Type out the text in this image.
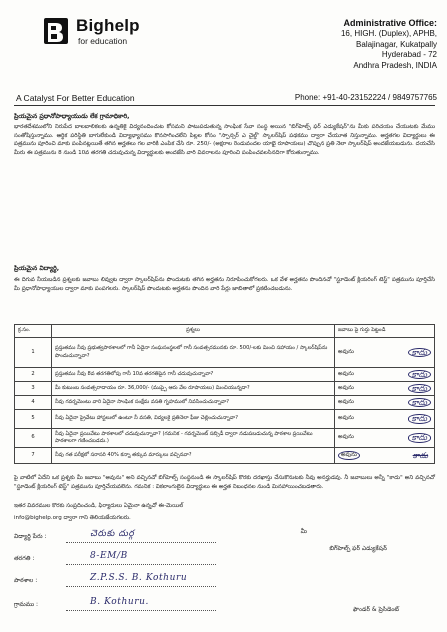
Bighelp
for education
A Catalyst For Better Education
Administrative Office:
16, HIGH. (Duplex), APHB,
Balajinagar, Kukatpally
Hyderabad - 72
Andhra Pradesh, INDIA
Phone: +91-40-23152224 / 9849757765
ప్రియమైన ప్రధానోపాధ్యాయుడు లేక గ్రామాధికారి,
భారతదేశములోని నిరుపేద బాలబాలికలకు ఉన్నతికై విద్యనందించుట కోసమని పాటుపడుతున్న సాంఘిక సేవా సంస్థ అయిన "బిగ్‌హెల్ప్ ఫర్ ఎడ్యుకేషన్"ను మీకు పరిచయం చేయుటకు మేము సంతోషిస్తున్నాము. ఆర్థిక పరిస్థితి బాగులేకుండి విద్యాభ్యాసము కొనసాగించలేని పిల్లల కోసం "స్పాన్సర్ ఎ చైల్డ్" స్కాలర్‌షిప్ పథకము ద్వారా చేయూత నిస్తున్నాము. అర్హతగల విద్యార్థులు ఈ పత్రమును పూరించి మాకు పంపినట్లయితే తగిన అర్హతలు గల వారికి ఎంపిక చేసి రూ. 250/- (అక్షరాల రెండువందల యాభై రూపాయలు) చొప్పున ప్రతి నెలా స్కాలర్‌షిప్ అందజేయబడును. దయచేసి మీరు ఈ పత్రమును 8 నుండి 10వ తరగతి చదువుచున్న విద్యార్థులకు అందజేసి వారి వివరాలను పూరించి పంపించవలసినదిగా కోరుతున్నాము.
ప్రియమైన విద్యార్థి,
ఈ దిగువ నీయబడిన ప్రశ్నలకు జవాబు లివ్వుట ద్వారా స్కాలర్‌షిప్‌ను పొందుటకు తగిన అర్హతను నిరూపించుకోగలరు. ఒక వేళ అర్హతను పొందినచో "స్టూడెంట్ క్లియరింగ్ టెస్ట్" పత్రమును పూర్తిచేసి మీ ప్రధానోపాధ్యాయుల ద్వారా మాకు పంపగలరు. స్కాలర్‌షిప్ పొందుటకు అర్హతను పొందిన వారి పేర్లు జాబితాలో ప్రకటించబడును.
క్ర.సం.	ప్రశ్నలు	జవాబు పై గుర్తు పెట్టండి
1	ప్రస్తుతము నీవు ప్రభుత్వపాఠశాలలో గానీ ఏదైనా సంఘసంస్థలలో గానీ సంవత్సరమునకు రూ. 500/-లకు మించి సహాయం / స్కాలర్‌షిప్‌ను పొందుచున్నావా?	అవును కాదు

2	ప్రస్తుతము నీవు 8వ తరగతిలోపు గానీ 10వ తరగతిపైన గానీ చదువుచున్నావా?	అవును కాదు

3	మీ కుటుంబ సంవత్సరాదాయం రూ. 36,000/- (ముప్పై ఆరు వేల రూపాయలు) మించియున్నదా?	అవును కాదు

4	నీవు గవర్నమెంటు వారి ఏదైనా సాంఘిక సంక్షేమ వసతి గృహములో నివసించుచున్నావా?	అవును కాదు

5	నీవు ఏదైనా ప్రైవేటు హాస్టలులో ఉంటూ నీ వసతి, విద్యలకై ప్రతినెలా ఫీజు చెల్లించుచున్నావా?	అవును కాదు

6	నీవు ఏదైనా ప్రయివేటు పాఠశాలలో చదువుచున్నావా? (గమనిక - గవర్నమెంట్ సబ్సిడీ ద్వారా నడుపబడుచున్న పాఠశాల ప్రయివేటు పాఠశాలగా గణించబడదు.)	అవును కాదు

7	నీవు గత పరీక్షలో సరాసరి 40% కన్నా తక్కువ మార్కులు వచ్చినవా?	అవును కాదు
పై వాటిలో ఏదేని ఒక ప్రశ్నకు మీ జవాబు "అవును" అని వచ్చినచో బిగ్‌హెల్ప్ సంస్థనుండి ఈ స్కాలర్‌షిప్ కొరకు దరఖాస్తు చేసుకొనుటకు నీవు అనర్హుడవు. నీ జవాబులు అన్నీ "కాదు" అని వచ్చినచో "స్టూడెంట్ క్లియరింగ్ టెస్ట్" పత్రమును పూర్తిచేయవలెను. గమనిక : వికలాంగులైన విద్యార్థులు ఈ అర్హత నిబంధనల నుండి మినహాయించబడతారు.
ఇతర వివరముల కొరకు సంప్రదించండి, ఫిర్యాదులు ఏమైనా ఉన్నచో ఈ-మెయిల్
info@bighelp.org ద్వారా గాని తెలియజేయగలరు.
విద్యార్థి పేరు :	చెరుకు దుర్గ
తరగతి :	8-EM/B
పాఠశాల :	Z.P.S.S. B. Kothuru
గ్రామము :	B. Kothuru.
మీ
బిగ్‌హెల్ప్ ఫర్ ఎడ్యుకేషన్
ఫౌండర్ & ప్రెసిడెంట్
